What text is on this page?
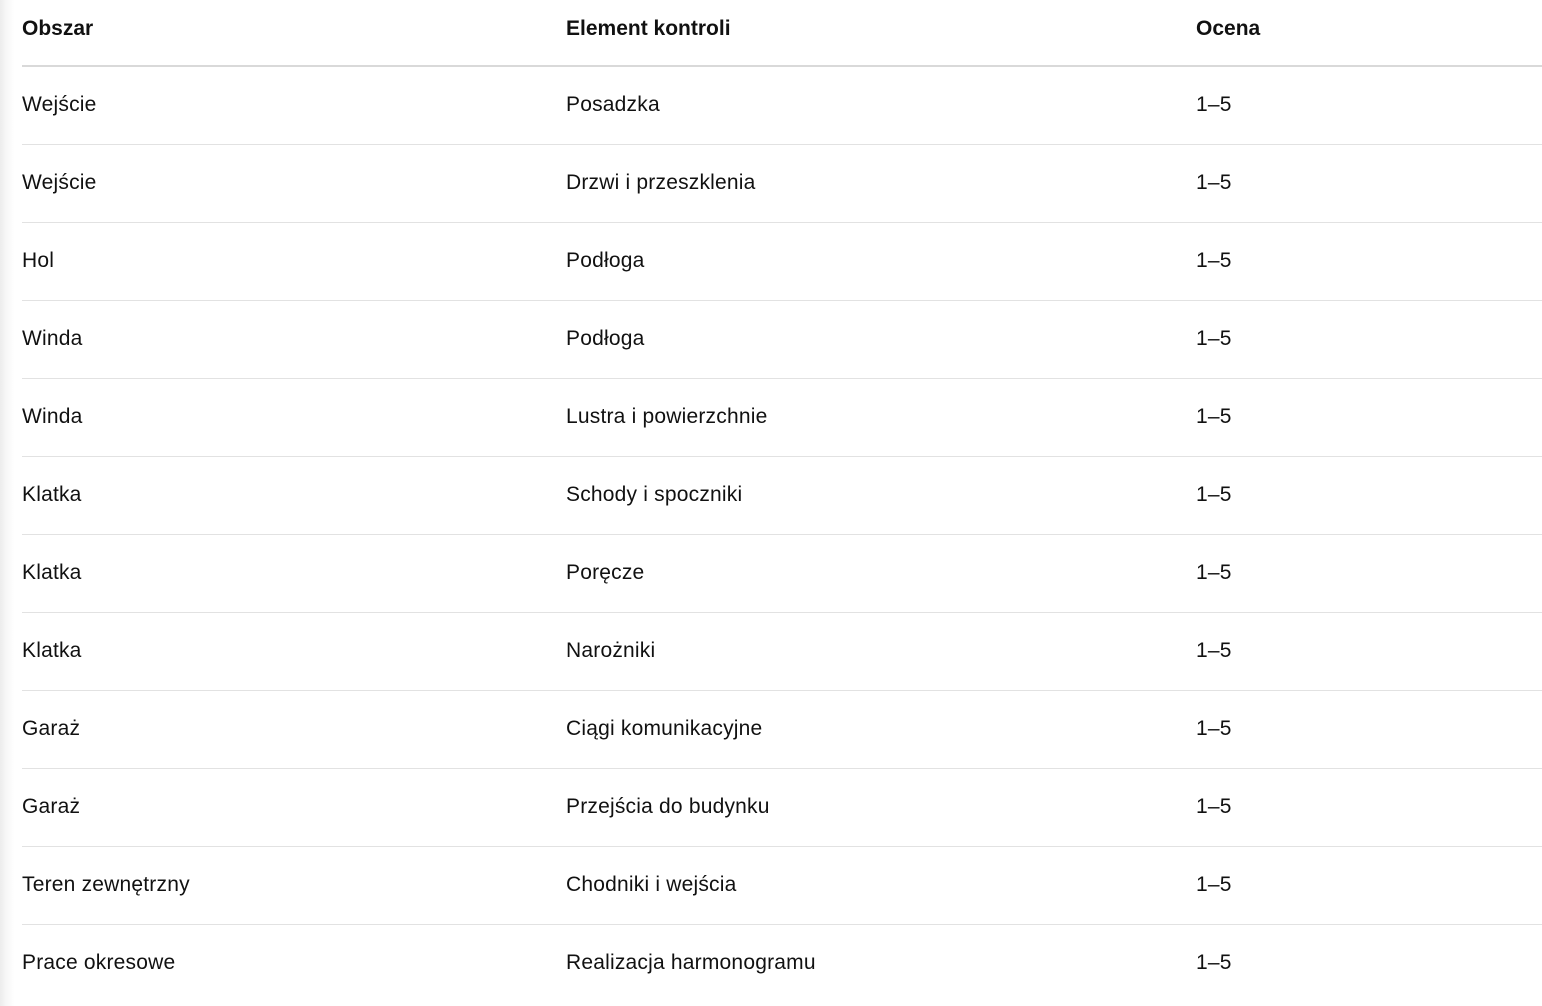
Obszar	Element kontroli	Ocena
Wejście	Posadzka	1–5
Wejście	Drzwi i przeszklenia	1–5
Hol	Podłoga	1–5
Winda	Podłoga	1–5
Winda	Lustra i powierzchnie	1–5
Klatka	Schody i spoczniki	1–5
Klatka	Poręcze	1–5
Klatka	Narożniki	1–5
Garaż	Ciągi komunikacyjne	1–5
Garaż	Przejścia do budynku	1–5
Teren zewnętrzny	Chodniki i wejścia	1–5
Prace okresowe	Realizacja harmonogramu	1–5
